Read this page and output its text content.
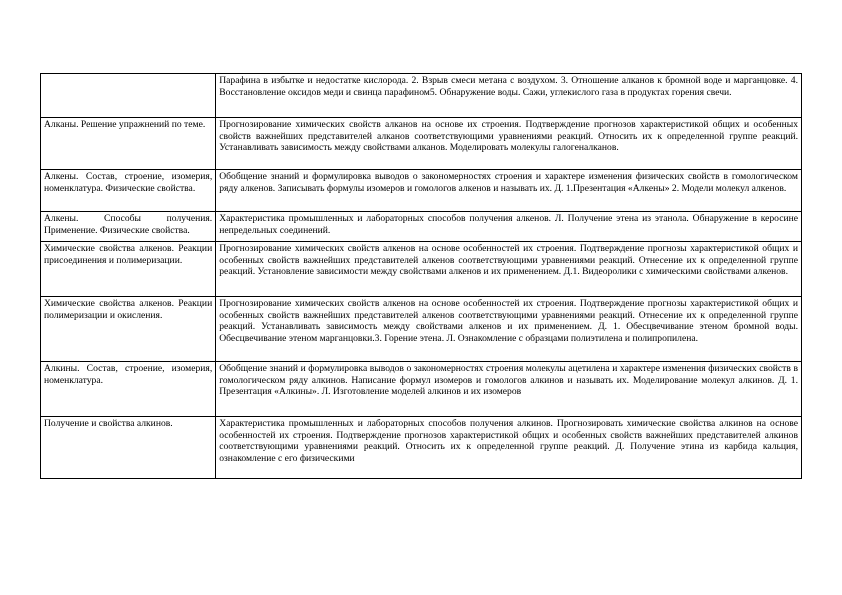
	Парафина в избытке и недостатке кислорода. 2. Взрыв смеси метана с воздухом. 3. Отношение алканов к бромной воде и марганцовке. 4. Восстановление оксидов меди и свинца парафином5. Обнаружение воды. Сажи, углекислого газа в продуктах горения свечи.
Алканы. Решение упражнений по теме.	Прогнозирование химических свойств алканов на основе их строения. Подтверждение прогнозов характеристикой общих и особенных свойств важнейших представителей алканов соответствующими уравнениями реакций. Относить их к определенной группе реакций. Устанавливать зависимость между свойствами алканов. Моделировать молекулы галогеналканов.
Алкены. Состав, строение, изомерия, номенклатура. Физические свойства.	Обобщение знаний и формулировка выводов о закономерностях строения и характере изменения физических свойств в гомологическом ряду алкенов. Записывать формулы изомеров и гомологов алкенов и называть их. Д. 1.Презентация «Алкены» 2. Модели молекул алкенов.
Алкены. Способы получения. Применение. Физические свойства.	Характеристика промышленных и лабораторных способов получения алкенов. Л. Получение этена из этанола. Обнаружение в керосине непредельных соединений.
Химические свойства алкенов. Реакции присоединения и полимеризации.	Прогнозирование химических свойств алкенов на основе особенностей их строения. Подтверждение прогнозы характеристикой общих и особенных свойств важнейших представителей алкенов соответствующими уравнениями реакций. Отнесение их к определенной группе реакций. Установление зависимости между свойствами алкенов и их применением. Д.1. Видеоролики с химическими свойствами алкенов.
Химические свойства алкенов. Реакции полимеризации и окисления.	Прогнозирование химических свойств алкенов на основе особенностей их строения. Подтверждение прогнозы характеристикой общих и особенных свойств важнейших представителей алкенов соответствующими уравнениями реакций. Отнесение их к определенной группе реакций. Устанавливать зависимость между свойствами алкенов и их применением. Д. 1. Обесцвечивание этеном бромной воды. Обесцвечивание этеном марганцовки.3. Горение этена. Л. Ознакомление с образцами полиэтилена и полипропилена.
Алкины. Состав, строение, изомерия, номенклатура.	Обобщение знаний и формулировка выводов о закономерностях строения молекулы ацетилена и характере изменения физических свойств в гомологическом ряду алкинов. Написание формул изомеров и гомологов алкинов и называть их. Моделирование молекул алкинов. Д. 1. Презентация «Алкины». Л. Изготовление моделей алкинов и их изомеров
Получение и свойства алкинов.	Характеристика промышленных и лабораторных способов получения алкинов. Прогнозировать химические свойства алкинов на основе особенностей их строения. Подтверждение прогнозов характеристикой общих и особенных свойств важнейших представителей алкинов соответствующими уравнениями реакций. Относить их к определенной группе реакций. Д. Получение этина из карбида кальция, ознакомление с его физическими
